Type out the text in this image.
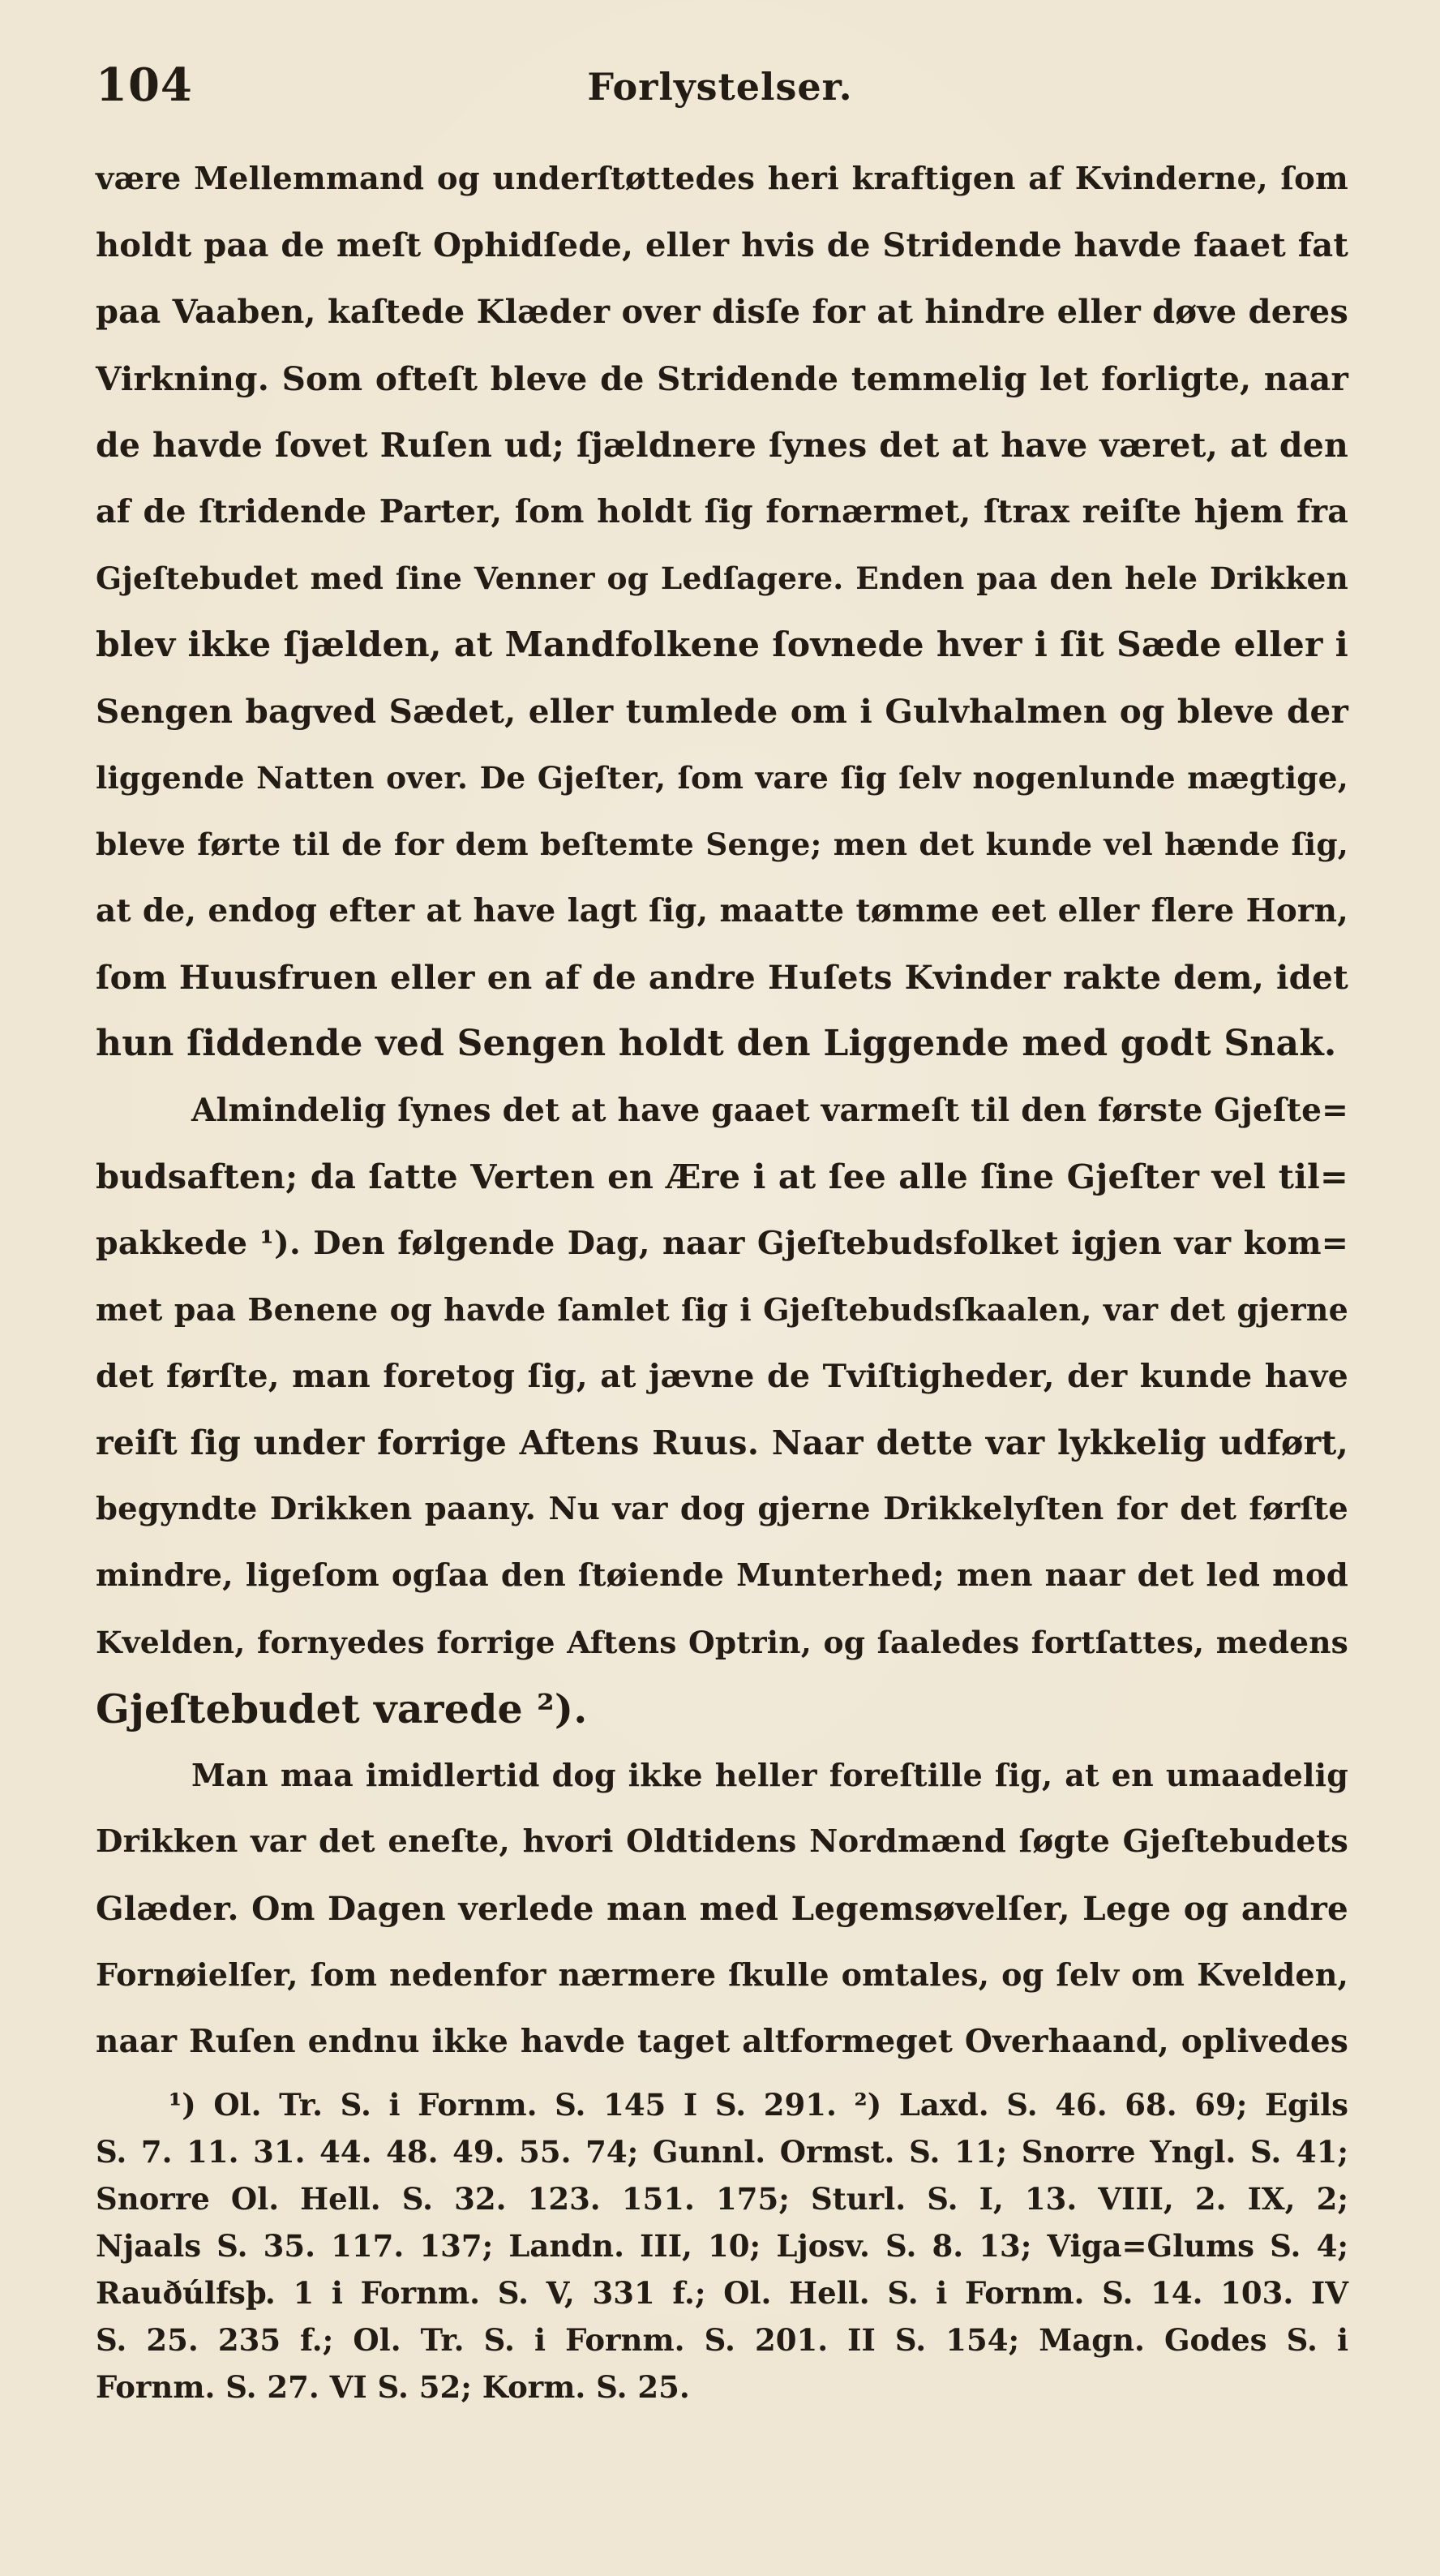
104	Forlystelser.
være Mellemmand og underſtøttedes heri kraftigen af Kvinderne, ſom
holdt paa de meſt Ophidſede, eller hvis de Stridende havde faaet fat
paa Vaaben, kaſtede Klæder over disſe for at hindre eller døve deres
Virkning. Som ofteſt bleve de Stridende temmelig let forligte, naar
de havde ſovet Ruſen ud; ſjældnere ſynes det at have været, at den
af de ſtridende Parter, ſom holdt ſig fornærmet, ſtrax reiſte hjem fra
Gjeſtebudet med ſine Venner og Ledſagere. Enden paa den hele Drikken
blev ikke ſjælden, at Mandfolkene ſovnede hver i ſit Sæde eller i
Sengen bagved Sædet, eller tumlede om i Gulvhalmen og bleve der
liggende Natten over. De Gjeſter, ſom vare ſig ſelv nogenlunde mægtige,
bleve førte til de for dem beſtemte Senge; men det kunde vel hænde ſig,
at de, endog efter at have lagt ſig, maatte tømme eet eller flere Horn,
ſom Huusfruen eller en af de andre Huſets Kvinder rakte dem, idet
hun ſiddende ved Sengen holdt den Liggende med godt Snak.
Almindelig ſynes det at have gaaet varmeſt til den første Gjeſte=
budsaften; da ſatte Verten en Ære i at ſee alle ſine Gjeſter vel til=
pakkede ¹). Den følgende Dag, naar Gjeſtebudsfolket igjen var kom=
met paa Benene og havde ſamlet ſig i Gjeſtebudsſkaalen, var det gjerne
det førſte, man foretog ſig, at jævne de Tviſtigheder, der kunde have
reiſt ſig under forrige Aftens Ruus. Naar dette var lykkelig udført,
begyndte Drikken paany. Nu var dog gjerne Drikkelyſten for det førſte
mindre, ligeſom ogſaa den ſtøiende Munterhed; men naar det led mod
Kvelden, fornyedes forrige Aftens Optrin, og ſaaledes fortſattes, medens
Gjeſtebudet varede ²).
Man maa imidlertid dog ikke heller foreſtille ſig, at en umaadelig
Drikken var det eneſte, hvori Oldtidens Nordmænd ſøgte Gjeſtebudets
Glæder. Om Dagen verlede man med Legemsøvelſer, Lege og andre
Fornøielſer, ſom nedenfor nærmere ſkulle omtales, og ſelv om Kvelden,
naar Ruſen endnu ikke havde taget altformeget Overhaand, oplivedes
¹) Ol. Tr. S. i Fornm. S. 145 I S. 291. ²) Laxd. S. 46. 68. 69; Egils
S. 7. 11. 31. 44. 48. 49. 55. 74; Gunnl. Ormst. S. 11; Snorre Yngl. S. 41;
Snorre Ol. Hell. S. 32. 123. 151. 175; Sturl. S. I, 13. VIII, 2. IX, 2;
Njaals S. 35. 117. 137; Landn. III, 10; Ljosv. S. 8. 13; Viga=Glums S. 4;
Rauðúlfsþ. 1 i Fornm. S. V, 331 f.; Ol. Hell. S. i Fornm. S. 14. 103. IV
S. 25. 235 f.; Ol. Tr. S. i Fornm. S. 201. II S. 154; Magn. Godes S. i
Fornm. S. 27. VI S. 52; Korm. S. 25.
